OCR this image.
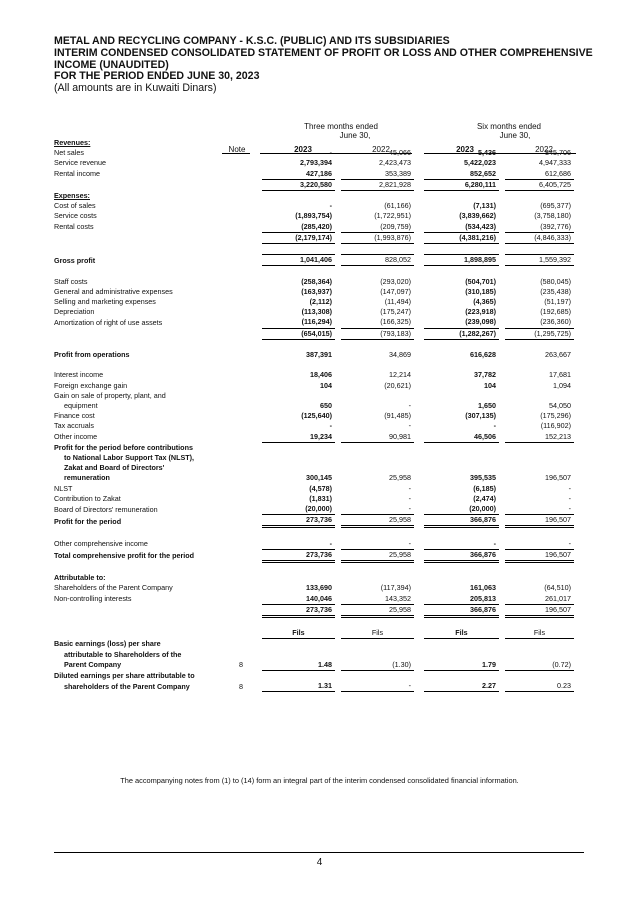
METAL AND RECYCLING COMPANY - K.S.C. (PUBLIC) AND ITS SUBSIDIARIES
INTERIM CONDENSED CONSOLIDATED STATEMENT OF PROFIT OR LOSS AND OTHER COMPREHENSIVE
INCOME (UNAUDITED)
FOR THE PERIOD ENDED JUNE 30, 2023
(All amounts are in Kuwaiti Dinars)
Three months ended
June 30,
Six months ended
June 30,
Note	2023	2022	2023	2022
Revenues:									
Net sales			-		45,066		5,436		845,706
Service revenue			2,793,394		2,423,473		5,422,023		4,947,333
Rental income			427,186		353,389		852,652		612,686
			3,220,580		2,821,928		6,280,111		6,405,725
Expenses:									
Cost of sales			-		(61,166)		(7,131)		(695,377)
Service costs			(1,893,754)		(1,722,951)		(3,839,662)		(3,758,180)
Rental costs			(285,420)		(209,759)		(534,423)		(392,776)
			(2,179,174)		(1,993,876)		(4,381,216)		(4,846,333)

Gross profit			1,041,406		828,052		1,898,895		1,559,392

Staff costs			(258,364)		(293,020)		(504,701)		(580,045)
General and administrative expenses			(163,937)		(147,097)		(310,185)		(235,438)
Selling and marketing expenses			(2,112)		(11,494)		(4,365)		(51,197)
Depreciation			(113,308)		(175,247)		(223,918)		(192,685)
Amortization of right of use assets			(116,294)		(166,325)		(239,098)		(236,360)
			(654,015)		(793,183)		(1,282,267)		(1,295,725)

Profit from operations			387,391		34,869		616,628		263,667

Interest income			18,406		12,214		37,782		17,681
Foreign exchange gain			104		(20,621)		104		1,094
Gain on sale of property, plant, and									
equipment			650		-		1,650		54,050
Finance cost			(125,640)		(91,485)		(307,135)		(175,296)
Tax accruals			-		-		-		(116,902)
Other income			19,234		90,981		46,506		152,213
Profit for the period before contributions									
to National Labor Support Tax (NLST),									
Zakat and Board of Directors'									
remuneration			300,145		25,958		395,535		196,507
NLST			(4,578)		-		(6,185)		-
Contribution to Zakat			(1,831)		-		(2,474)		-
Board of Directors' remuneration			(20,000)		-		(20,000)		-
Profit for the period			273,736		25,958		366,876		196,507

Other comprehensive income			-		-		-		-
Total comprehensive profit for the period			273,736		25,958		366,876		196,507

Attributable to:									
Shareholders of the Parent Company			133,690		(117,394)		161,063		(64,510)
Non-controlling interests			140,046		143,352		205,813		261,017
			273,736		25,958		366,876		196,507

			Fils		Fils		Fils		Fils
Basic earnings (loss) per share									
attributable to Shareholders of the									
Parent Company	8		1.48		(1.30)		1.79		(0.72)
Diluted earnings per share attributable to									
shareholders of the Parent Company	8		1.31		-		2.27		0.23
The accompanying notes from (1) to (14) form an integral part of the interim condensed consolidated financial information.
4
